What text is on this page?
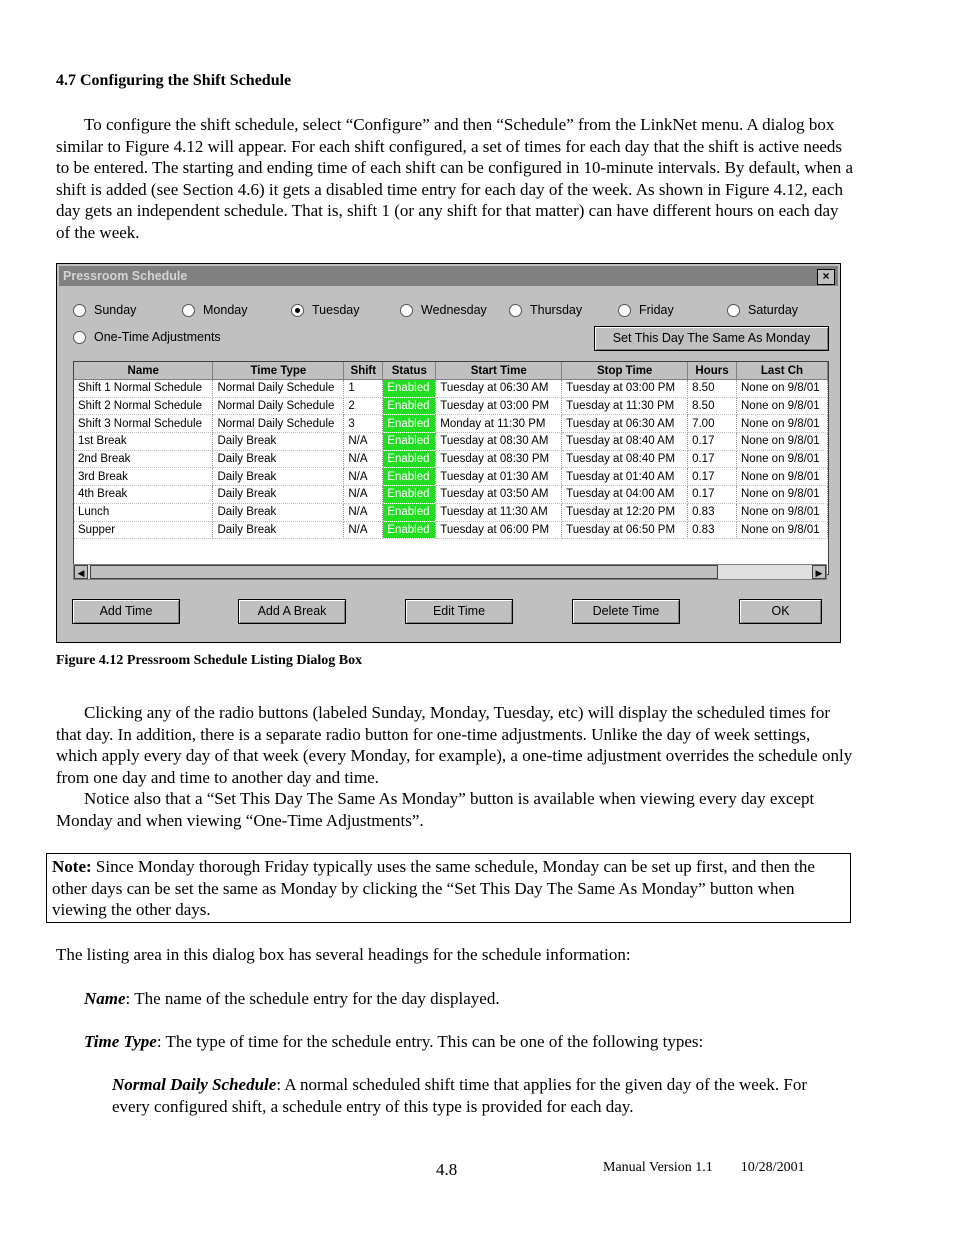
4.7 Configuring the Shift Schedule
To configure the shift schedule, select “Configure” and then “Schedule” from the LinkNet menu. A dialog box similar to Figure 4.12 will appear. For each shift configured, a set of times for each day that the shift is active needs to be entered. The starting and ending time of each shift can be configured in 10-minute intervals. By default, when a shift is added (see Section 4.6) it gets a disabled time entry for each day of the week. As shown in Figure 4.12, each day gets an independent schedule. That is, shift 1 (or any shift for that matter) can have different hours on each day of the week.
Pressroom Schedule	×
Sunday	Monday	Tuesday	Wednesday	Thursday	Friday	Saturday
One-Time Adjustments	Set This Day The Same As Monday
Name	Time Type	Shift	Status	Start Time	Stop Time	Hours	Last Ch
Shift 1 Normal Schedule	Normal Daily Schedule	1	Enabled	Tuesday at 06:30 AM	Tuesday at 03:00 PM	8.50	None on 9/8/01
Shift 2 Normal Schedule	Normal Daily Schedule	2	Enabled	Tuesday at 03:00 PM	Tuesday at 11:30 PM	8.50	None on 9/8/01
Shift 3 Normal Schedule	Normal Daily Schedule	3	Enabled	Monday at 11:30 PM	Tuesday at 06:30 AM	7.00	None on 9/8/01
1st Break	Daily Break	N/A	Enabled	Tuesday at 08:30 AM	Tuesday at 08:40 AM	0.17	None on 9/8/01
2nd Break	Daily Break	N/A	Enabled	Tuesday at 08:30 PM	Tuesday at 08:40 PM	0.17	None on 9/8/01
3rd Break	Daily Break	N/A	Enabled	Tuesday at 01:30 AM	Tuesday at 01:40 AM	0.17	None on 9/8/01
4th Break	Daily Break	N/A	Enabled	Tuesday at 03:50 AM	Tuesday at 04:00 AM	0.17	None on 9/8/01
Lunch	Daily Break	N/A	Enabled	Tuesday at 11:30 AM	Tuesday at 12:20 PM	0.83	None on 9/8/01
Supper	Daily Break	N/A	Enabled	Tuesday at 06:00 PM	Tuesday at 06:50 PM	0.83	None on 9/8/01
◀	▶
Add Time	Add A Break	Edit Time	Delete Time	OK
Figure 4.12 Pressroom Schedule Listing Dialog Box
Clicking any of the radio buttons (labeled Sunday, Monday, Tuesday, etc) will display the scheduled times for that day. In addition, there is a separate radio button for one-time adjustments. Unlike the day of week settings, which apply every day of that week (every Monday, for example), a one-time adjustment overrides the schedule only from one day and time to another day and time.
Notice also that a “Set This Day The Same As Monday” button is available when viewing every day except Monday and when viewing “One-Time Adjustments”.
Note: Since Monday thorough Friday typically uses the same schedule, Monday can be set up first, and then the other days can be set the same as Monday by clicking the “Set This Day The Same As Monday” button when viewing the other days.
The listing area in this dialog box has several headings for the schedule information:
Name: The name of the schedule entry for the day displayed.
Time Type: The type of time for the schedule entry. This can be one of the following types:
Normal Daily Schedule: A normal scheduled shift time that applies for the given day of the week. For every configured shift, a schedule entry of this type is provided for each day.
4.8	Manual Version 1.1        10/28/2001
